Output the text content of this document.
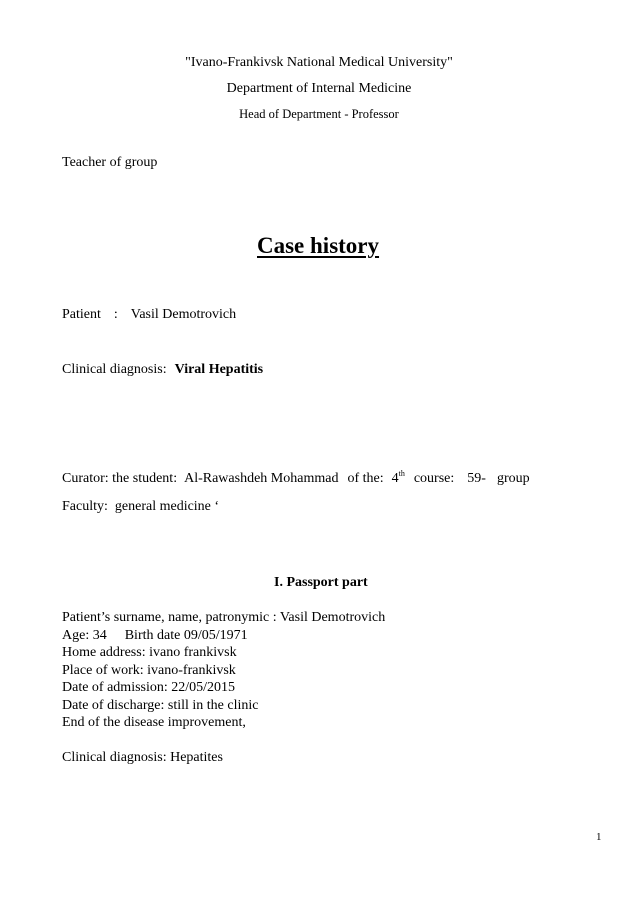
"Ivano-Frankivsk National Medical University"
Department of Internal Medicine
Head of Department - Professor
Teacher of group
Case history
Patient : Vasil Demotrovich
Clinical diagnosis: Viral Hepatitis
Curator: the student: Al-Rawashdeh Mohammad of the: 4th course: 59- group
Faculty: general medicine ‘
I. Passport part
Patient’s surname, name, patronymic : Vasil Demotrovich
Age: 34 Birth date 09/05/1971
Home address: ivano frankivsk
Place of work: ivano-frankivsk
Date of admission: 22/05/2015
Date of discharge: still in the clinic
End of the disease improvement,
Clinical diagnosis: Hepatites
1
